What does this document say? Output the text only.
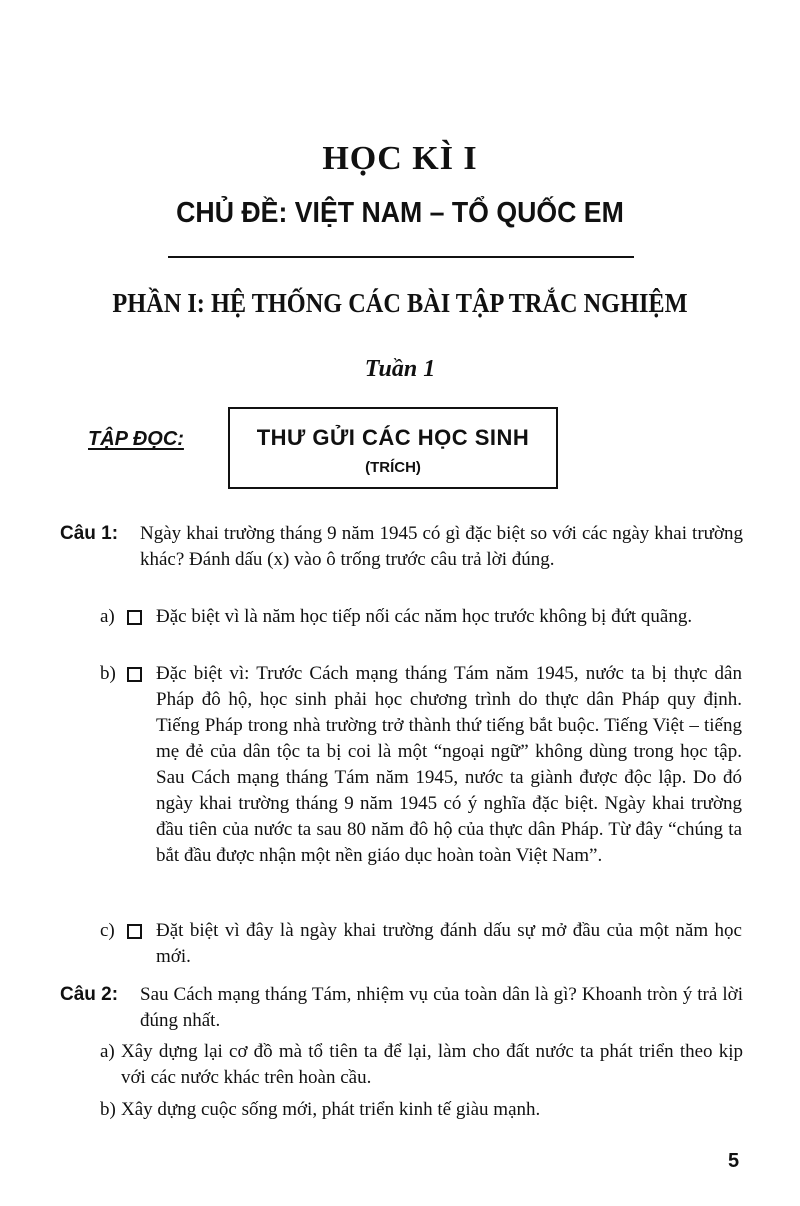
HỌC KÌ I
CHỦ ĐỀ: VIỆT NAM – TỔ QUỐC EM
PHẦN I: HỆ THỐNG CÁC BÀI TẬP TRẮC NGHIỆM
Tuần 1
TẬP ĐỌC:	THƯ GỬI CÁC HỌC SINH
(TRÍCH)
Câu 1: Ngày khai trường tháng 9 năm 1945 có gì đặc biệt so với các ngày khai trường khác? Đánh dấu (x) vào ô trống trước câu trả lời đúng.
a) Đặc biệt vì là năm học tiếp nối các năm học trước không bị đứt quãng.
b) Đặc biệt vì: Trước Cách mạng tháng Tám năm 1945, nước ta bị thực dân Pháp đô hộ, học sinh phải học chương trình do thực dân Pháp quy định. Tiếng Pháp trong nhà trường trở thành thứ tiếng bắt buộc. Tiếng Việt – tiếng mẹ đẻ của dân tộc ta bị coi là một “ngoại ngữ” không dùng trong học tập. Sau Cách mạng tháng Tám năm 1945, nước ta giành được độc lập. Do đó ngày khai trường tháng 9 năm 1945 có ý nghĩa đặc biệt. Ngày khai trường đầu tiên của nước ta sau 80 năm đô hộ của thực dân Pháp. Từ đây “chúng ta bắt đầu được nhận một nền giáo dục hoàn toàn Việt Nam”.
c) Đặt biệt vì đây là ngày khai trường đánh dấu sự mở đầu của một năm học mới.
Câu 2: Sau Cách mạng tháng Tám, nhiệm vụ của toàn dân là gì? Khoanh tròn ý trả lời đúng nhất.
a) Xây dựng lại cơ đồ mà tổ tiên ta để lại, làm cho đất nước ta phát triển theo kịp với các nước khác trên hoàn cầu.
b) Xây dựng cuộc sống mới, phát triển kinh tế giàu mạnh.
5
